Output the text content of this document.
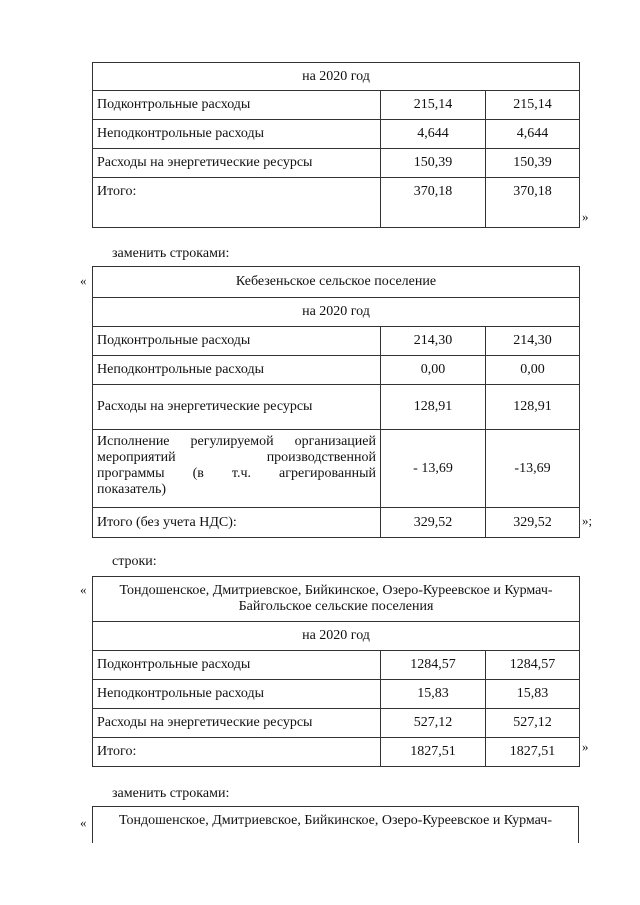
на 2020 год		
Подконтрольные расходы	215,14	215,14
Неподконтрольные расходы	4,644	4,644
Расходы на энергетические ресурсы	150,39	150,39
Итого:	370,18	370,18
»
заменить строками:
«	Кебезеньское сельское поселение		
на 2020 год		
Подконтрольные расходы	214,30	214,30
Неподконтрольные расходы	0,00	0,00
Расходы на энергетические ресурсы	128,91	128,91

Исполнение регулируемой организацией
мероприятий производственной
программы (в т.ч. агрегированный
показатель)	- 13,69	-13,69
Итого (без учета НДС):	329,52	329,52 »;
строки:
«	Тондошенское, Дмитриевское, Бийкинское, Озеро-Куреевское и Курмач-
Байгольское сельские поселения		

на 2020 год		
Подконтрольные расходы	1284,57	1284,57
Неподконтрольные расходы	15,83	15,83
Расходы на энергетические ресурсы	527,12	527,12
Итого:	1827,51	1827,51 »
заменить строками:
« Тондошенское, Дмитриевское, Бийкинское, Озеро-Куреевское и Курмач-
